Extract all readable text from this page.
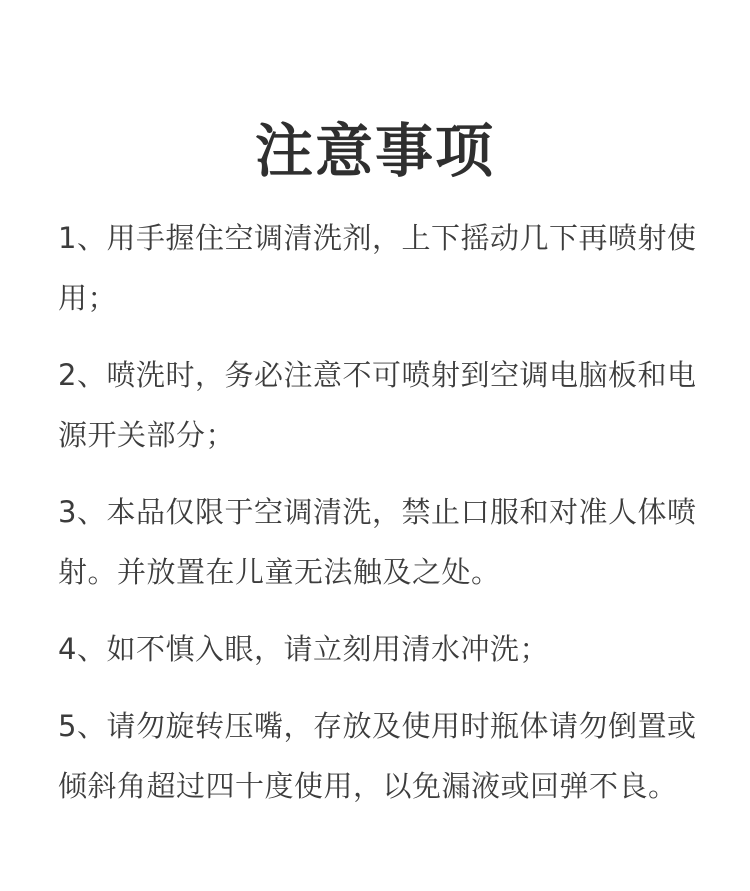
注意事项
1、用手握住空调清洗剂，上下摇动几下再喷射使用；
2、喷洗时，务必注意不可喷射到空调电脑板和电源开关部分；
3、本品仅限于空调清洗，禁止口服和对准人体喷射。并放置在儿童无法触及之处。
4、如不慎入眼，请立刻用清水冲洗；
5、请勿旋转压嘴，存放及使用时瓶体请勿倒置或倾斜角超过四十度使用，以免漏液或回弹不良。
